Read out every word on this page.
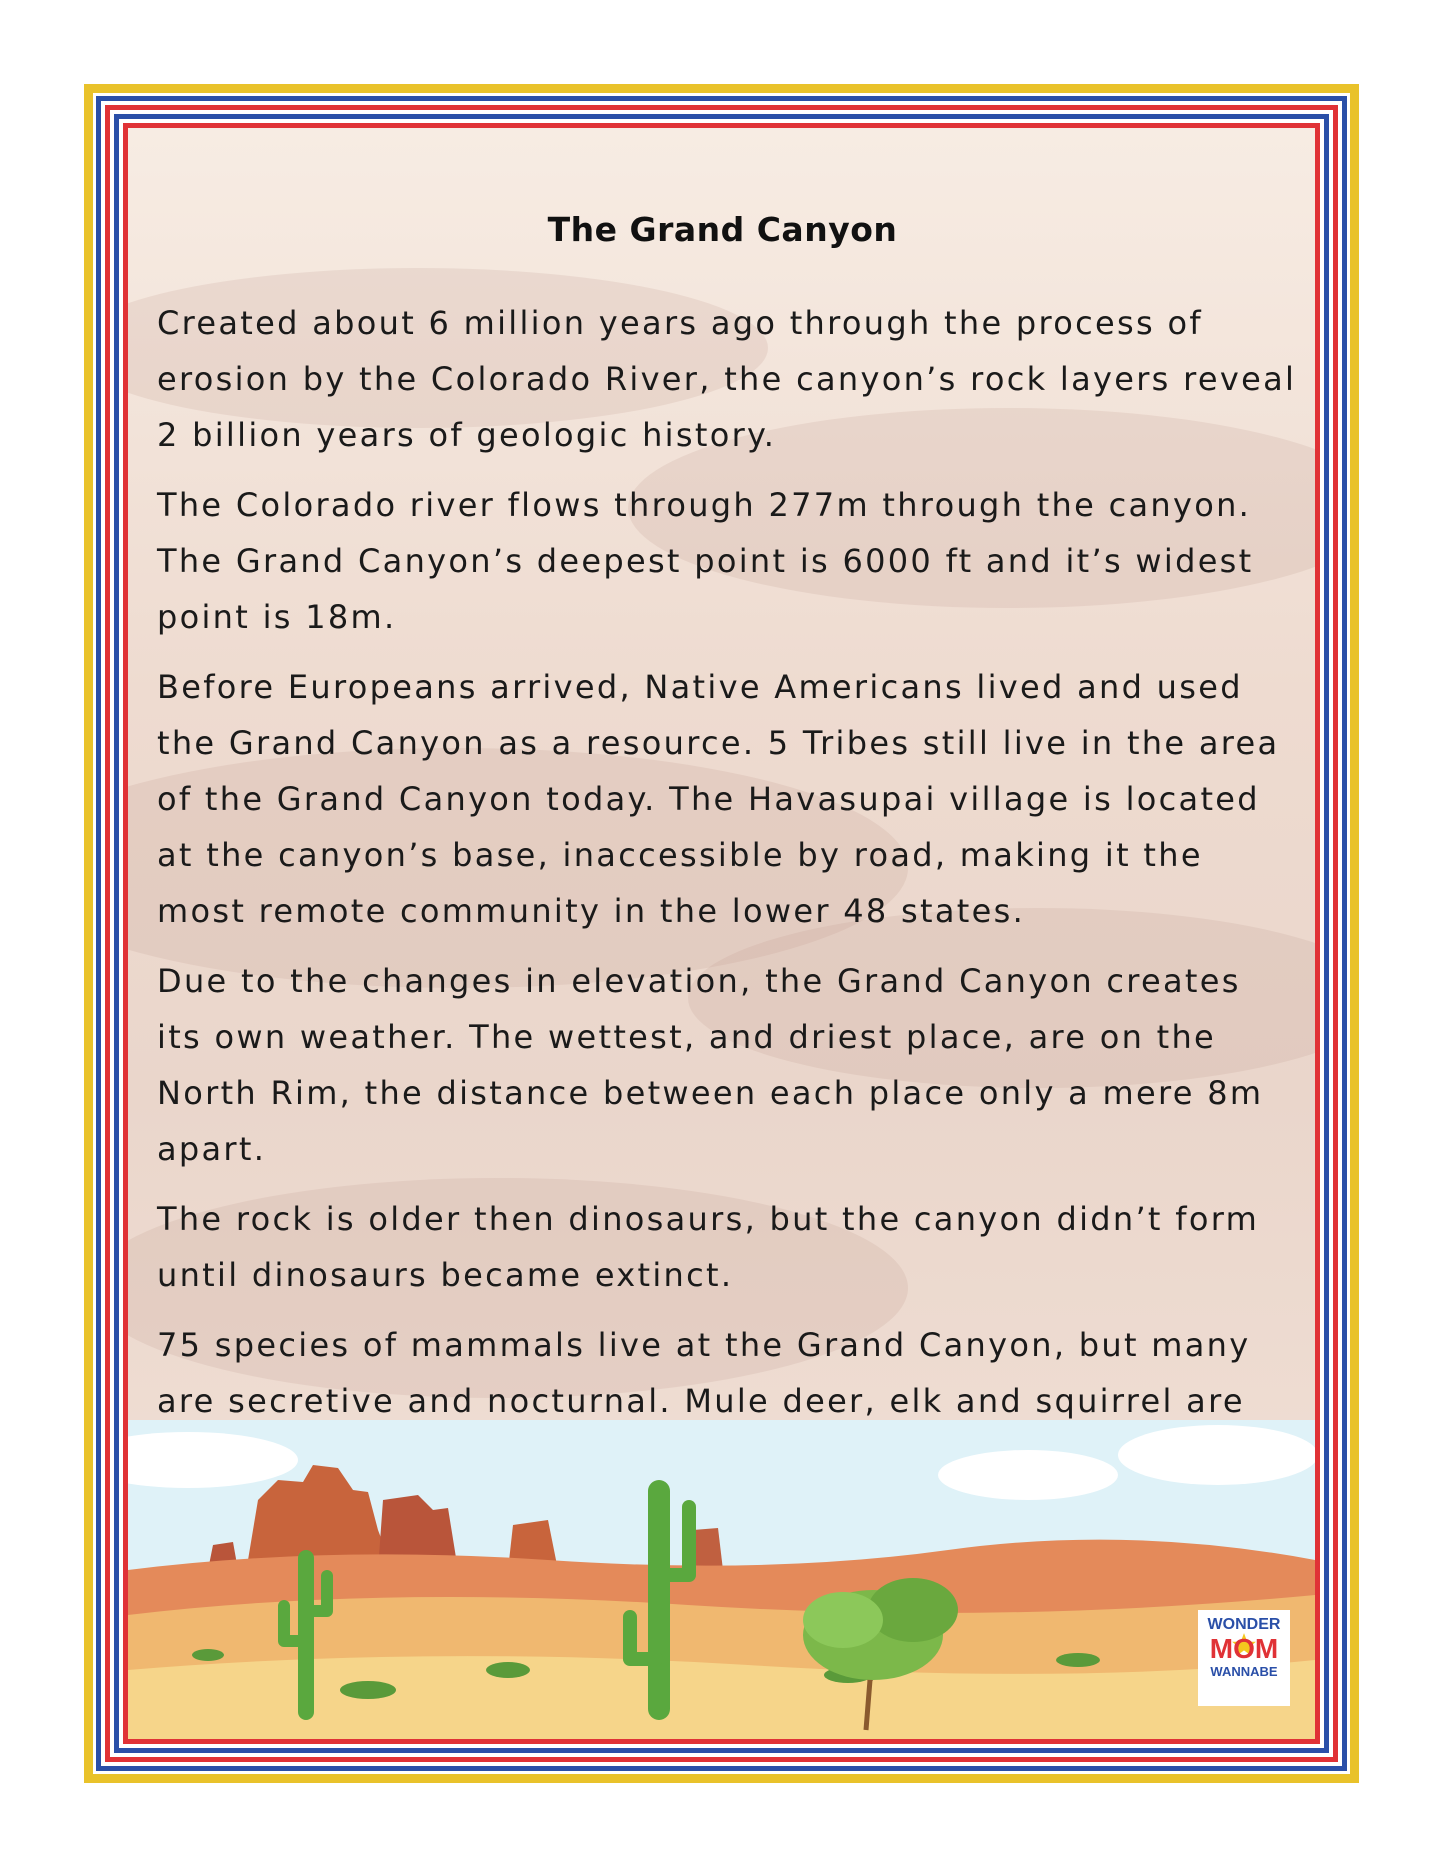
The Grand Canyon

Created about 6 million years ago through the process of erosion by the Colorado River, the canyon’s rock layers reveal 2 billion years of geologic history.

The Colorado river flows through 277m through the canyon. The Grand Canyon’s deepest point is 6000 ft and it’s widest point is 18m.

Before Europeans arrived, Native Americans lived and used the Grand Canyon as a resource. 5 Tribes still live in the area of the Grand Canyon today. The Havasupai village is located at the canyon’s base, inaccessible by road, making it the most remote community in the lower 48 states.

Due to the changes in elevation, the Grand Canyon creates its own weather. The wettest, and driest place, are on the North Rim, the distance between each place only a mere 8m apart.

The rock is older then dinosaurs, but the canyon didn’t form until dinosaurs became extinct.

75 species of mammals live at the Grand Canyon, but many are secretive and nocturnal. Mule deer, elk and squirrel are

WONDER
MOM
WANNABE
